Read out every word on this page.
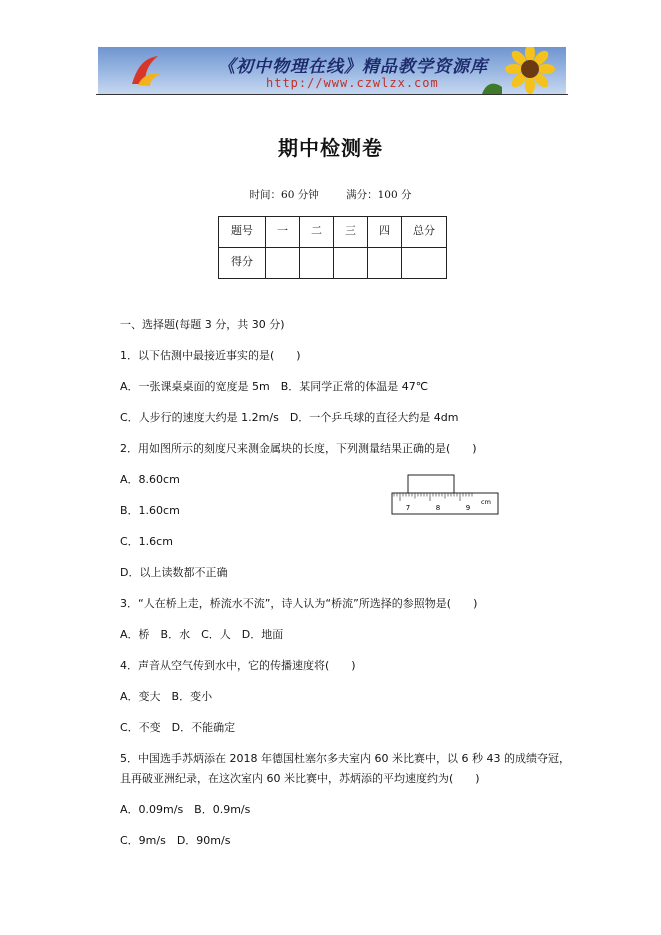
《初中物理在线》精品教学资源库
http://www.czwlzx.com
期中检测卷
时间：60 分钟	满分：100 分
题号	一	二	三	四	总分

得分					

一、选择题(每题 3 分，共 30 分)
1．以下估测中最接近事实的是(　　)
A．一张课桌桌面的宽度是 5m　B．某同学正常的体温是 47℃
C．人步行的速度大约是 1.2m/s　D．一个乒乓球的直径大约是 4dm
2．用如图所示的刻度尺来测金属块的长度，下列测量结果正确的是(　　)
A．8.60cm
B．1.60cm
C．1.6cm
D．以上读数都不正确
3．“人在桥上走，桥流水不流”，诗人认为“桥流”所选择的参照物是(　　)
A．桥　B．水　C．人　D．地面
4．声音从空气传到水中，它的传播速度将(　　)
A．变大　B．变小
C．不变　D．不能确定
5．中国选手苏炳添在 2018 年德国杜塞尔多夫室内 60 米比赛中，以 6 秒 43 的成绩夺冠，
且再破亚洲纪录，在这次室内 60 米比赛中，苏炳添的平均速度约为(　　)
A．0.09m/s　B．0.9m/s
C．9m/s　D．90m/s
7	8	9
cm
